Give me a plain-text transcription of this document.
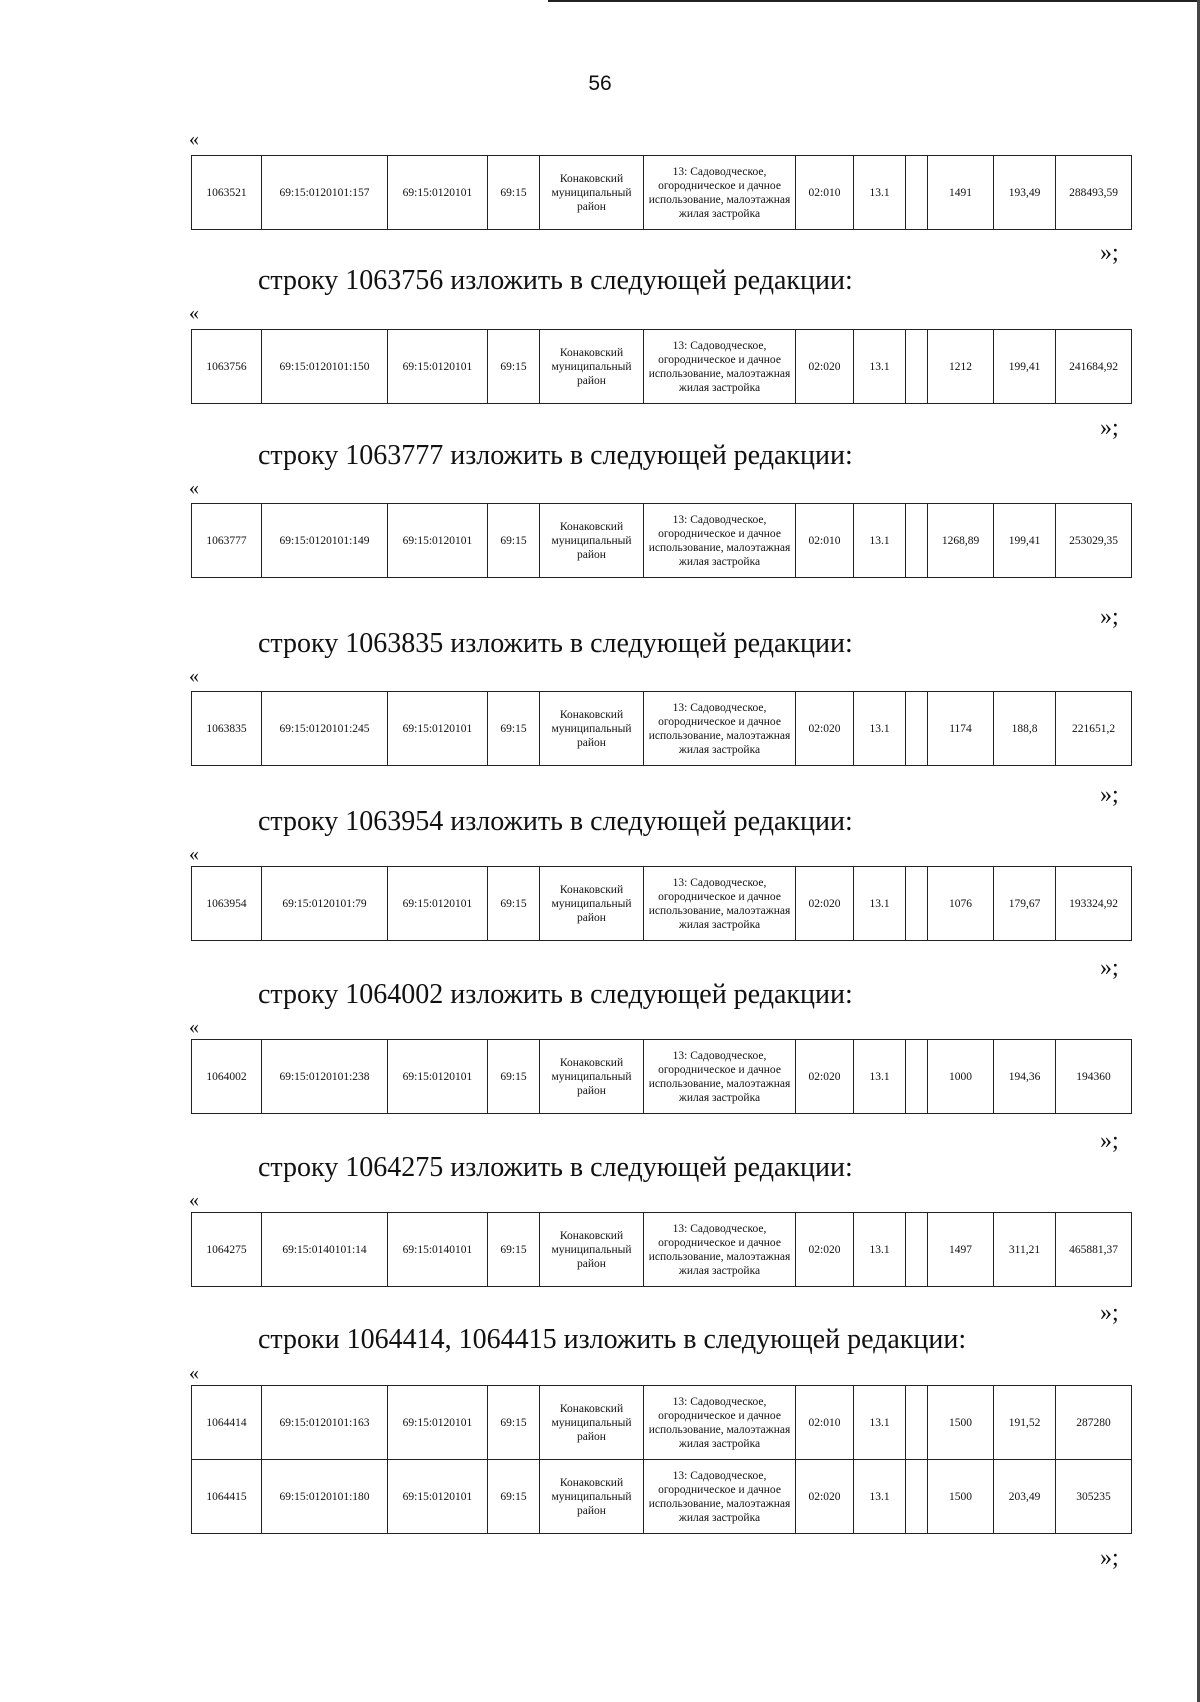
56
«
1063521	69:15:0120101:157	69:15:0120101	69:15	Конаковский муниципальный район	13: Садоводческое, огородническое и дачное использование, малоэтажная жилая застройка	02:010	13.1		1491	193,49	288493,59
»;
строку 1063756 изложить в следующей редакции:
«
1063756	69:15:0120101:150	69:15:0120101	69:15	Конаковский муниципальный район	13: Садоводческое, огородническое и дачное использование, малоэтажная жилая застройка	02:020	13.1		1212	199,41	241684,92
»;
строку 1063777 изложить в следующей редакции:
«
1063777	69:15:0120101:149	69:15:0120101	69:15	Конаковский муниципальный район	13: Садоводческое, огородническое и дачное использование, малоэтажная жилая застройка	02:010	13.1		1268,89	199,41	253029,35
»;
строку 1063835 изложить в следующей редакции:
«
1063835	69:15:0120101:245	69:15:0120101	69:15	Конаковский муниципальный район	13: Садоводческое, огородническое и дачное использование, малоэтажная жилая застройка	02:020	13.1		1174	188,8	221651,2
»;
строку 1063954 изложить в следующей редакции:
«
1063954	69:15:0120101:79	69:15:0120101	69:15	Конаковский муниципальный район	13: Садоводческое, огородническое и дачное использование, малоэтажная жилая застройка	02:020	13.1		1076	179,67	193324,92
»;
строку 1064002 изложить в следующей редакции:
«
1064002	69:15:0120101:238	69:15:0120101	69:15	Конаковский муниципальный район	13: Садоводческое, огородническое и дачное использование, малоэтажная жилая застройка	02:020	13.1		1000	194,36	194360
»;
строку 1064275 изложить в следующей редакции:
«
1064275	69:15:0140101:14	69:15:0140101	69:15	Конаковский муниципальный район	13: Садоводческое, огородническое и дачное использование, малоэтажная жилая застройка	02:020	13.1		1497	311,21	465881,37
»;
строки 1064414, 1064415 изложить в следующей редакции:
«
1064414	69:15:0120101:163	69:15:0120101	69:15	Конаковский муниципальный район	13: Садоводческое, огородническое и дачное использование, малоэтажная жилая застройка	02:010	13.1		1500	191,52	287280
1064415	69:15:0120101:180	69:15:0120101	69:15	Конаковский муниципальный район	13: Садоводческое, огородническое и дачное использование, малоэтажная жилая застройка	02:020	13.1		1500	203,49	305235
»;
